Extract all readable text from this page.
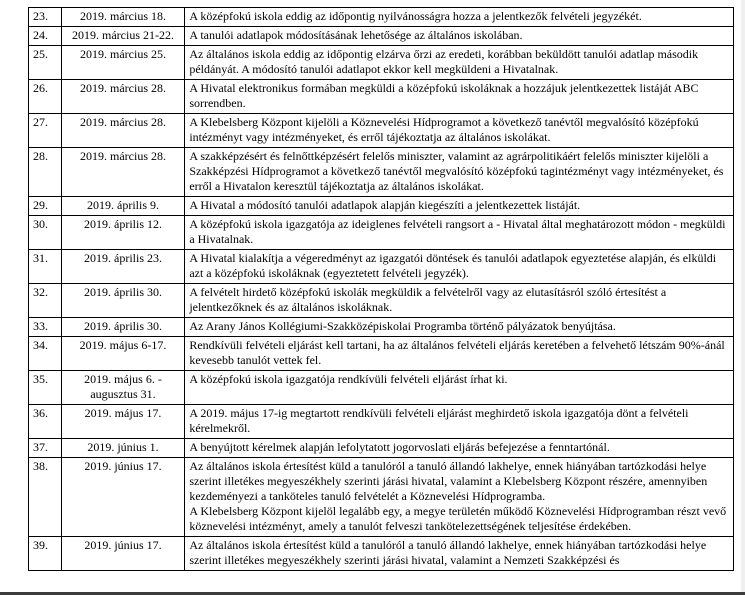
23.	2019. március 18.	A középfokú iskola eddig az időpontig nyilvánosságra hozza a jelentkezők felvételi jegyzékét.
24.	2019. március 21-22.	A tanulói adatlapok módosításának lehetősége az általános iskolában.
25.	2019. március 25.	Az általános iskola eddig az időpontig elzárva őrzi az eredeti, korábban beküldött tanulói adatlap második példányát. A módosító tanulói adatlapot ekkor kell megküldeni a Hivatalnak.
26.	2019. március 28.	A Hivatal elektronikus formában megküldi a középfokú iskoláknak a hozzájuk jelentkezettek listáját ABC sorrendben.
27.	2019. március 28.	A Klebelsberg Központ kijelöli a Köznevelési Hídprogramot a következő tanévtől megvalósító középfokú intézményt vagy intézményeket, és erről tájékoztatja az általános iskolákat.
28.	2019. március 28.	A szakképzésért és felnőttképzésért felelős miniszter, valamint az agrárpolitikáért felelős miniszter kijelöli a Szakképzési Hídprogramot a következő tanévtől megvalósító középfokú tagintézményt vagy intézményeket, és erről a Hivatalon keresztül tájékoztatja az általános iskolákat.
29.	2019. április 9.	A Hivatal a módosító tanulói adatlapok alapján kiegészíti a jelentkezettek listáját.
30.	2019. április 12.	A középfokú iskola igazgatója az ideiglenes felvételi rangsort a - Hivatal által meghatározott módon - megküldi a Hivatalnak.
31.	2019. április 23.	A Hivatal kialakítja a végeredményt az igazgatói döntések és tanulói adatlapok egyeztetése alapján, és elküldi azt a középfokú iskoláknak (egyeztetett felvételi jegyzék).
32.	2019. április 30.	A felvételt hirdető középfokú iskolák megküldik a felvételről vagy az elutasításról szóló értesítést a jelentkezőknek és az általános iskoláknak.
33.	2019. április 30.	Az Arany János Kollégiumi-Szakközépiskolai Programba történő pályázatok benyújtása.
34.	2019. május 6-17.	Rendkívüli felvételi eljárást kell tartani, ha az általános felvételi eljárás keretében a felvehető létszám 90%-ánál kevesebb tanulót vettek fel.
35.	2019. május 6. - augusztus 31.	A középfokú iskola igazgatója rendkívüli felvételi eljárást írhat ki.
36.	2019. május 17.	A 2019. május 17-ig megtartott rendkívüli felvételi eljárást meghirdető iskola igazgatója dönt a felvételi kérelmekről.
37.	2019. június 1.	A benyújtott kérelmek alapján lefolytatott jogorvoslati eljárás befejezése a fenntartónál.
38.	2019. június 17.	Az általános iskola értesítést küld a tanulóról a tanuló állandó lakhelye, ennek hiányában tartózkodási helye szerint illetékes megyeszékhely szerinti járási hivatal, valamint a Klebelsberg Központ részére, amennyiben kezdeményezi a tanköteles tanuló felvételét a Köznevelési Hídprogramba.
A Klebelsberg Központ kijelöl legalább egy, a megye területén működő Köznevelési Hídprogramban részt vevő köznevelési intézményt, amely a tanulót felveszi tankötelezettségének teljesítése érdekében.
39.	2019. június 17.	Az általános iskola értesítést küld a tanulóról a tanuló állandó lakhelye, ennek hiányában tartózkodási helye szerint illetékes megyeszékhely szerinti járási hivatal, valamint a Nemzeti Szakképzési és
